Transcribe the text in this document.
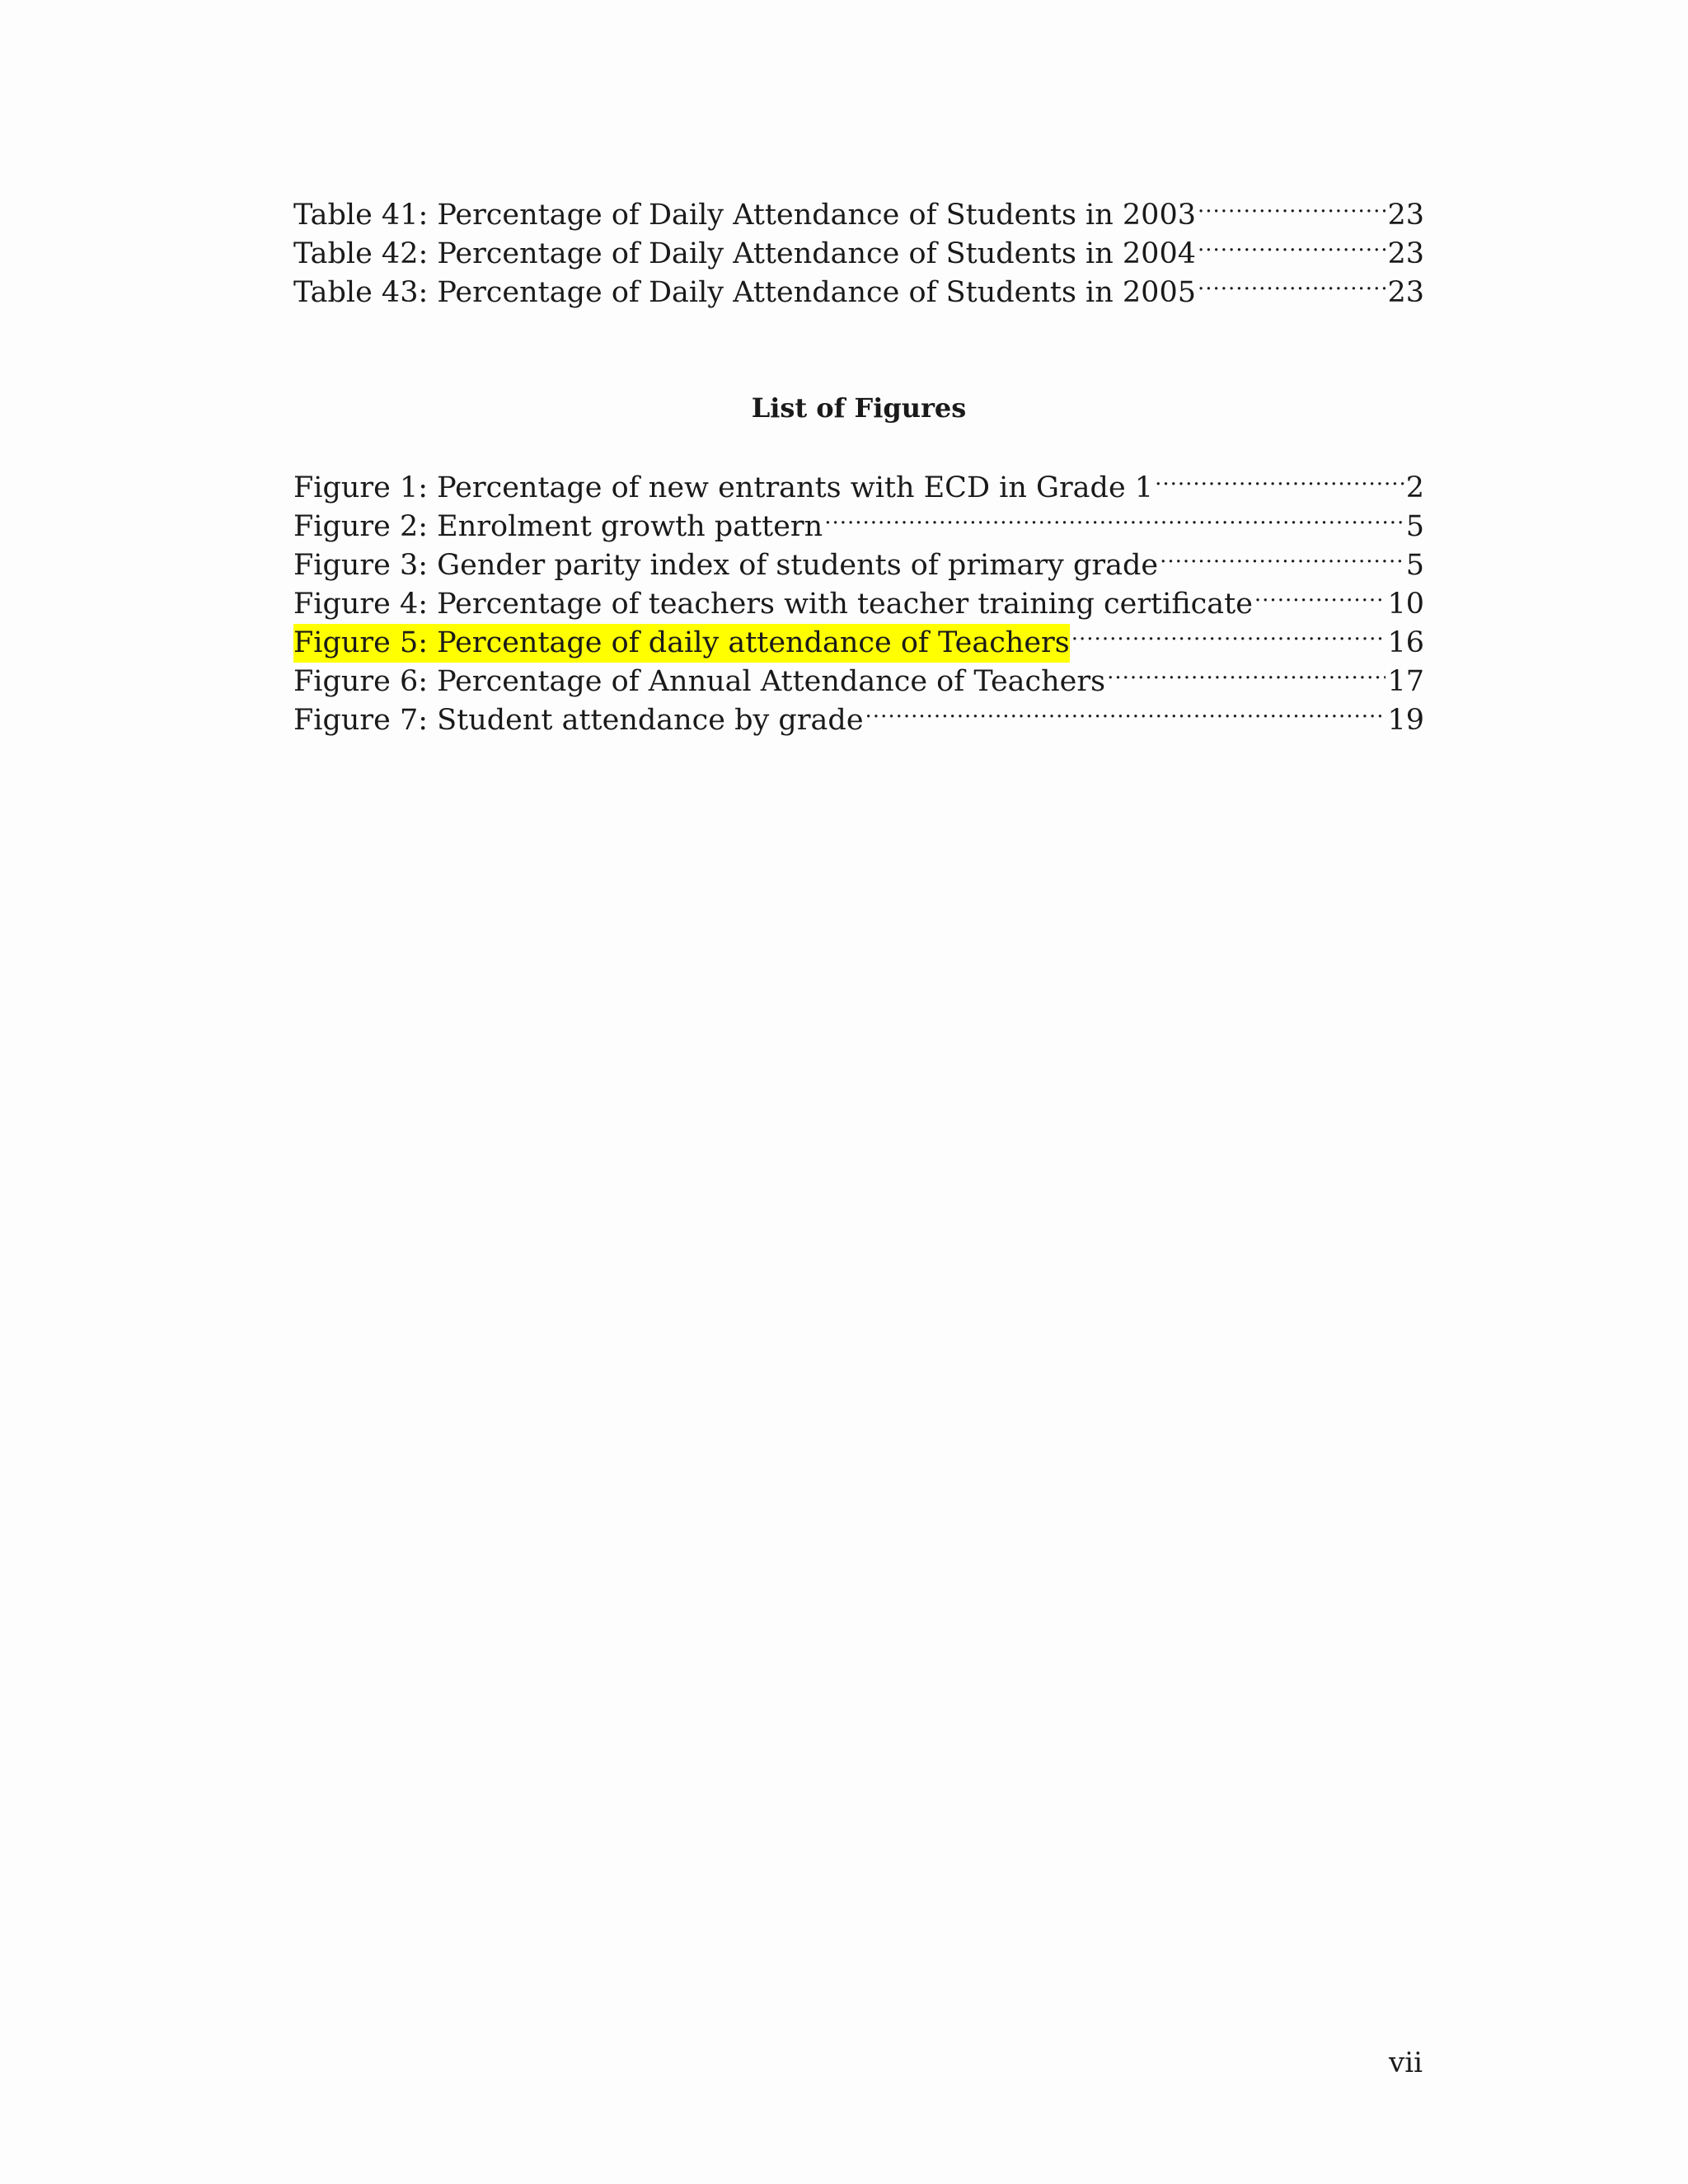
Table 41: Percentage of Daily Attendance of Students in 2003 .....	23
Table 42: Percentage of Daily Attendance of Students in 2004 .....	23
Table 43: Percentage of Daily Attendance of Students in 2005 .....	23
List of Figures
Figure 1: Percentage of new entrants with ECD in Grade 1 .....	2
Figure 2: Enrolment growth pattern .....	5
Figure 3: Gender parity index of students of primary grade .....	5
Figure 4: Percentage of teachers with teacher training certificate .....	10
Figure 5: Percentage of daily attendance of Teachers .....	16
Figure 6: Percentage of Annual Attendance of Teachers .....	17
Figure 7: Student attendance by grade .....	19
vii
